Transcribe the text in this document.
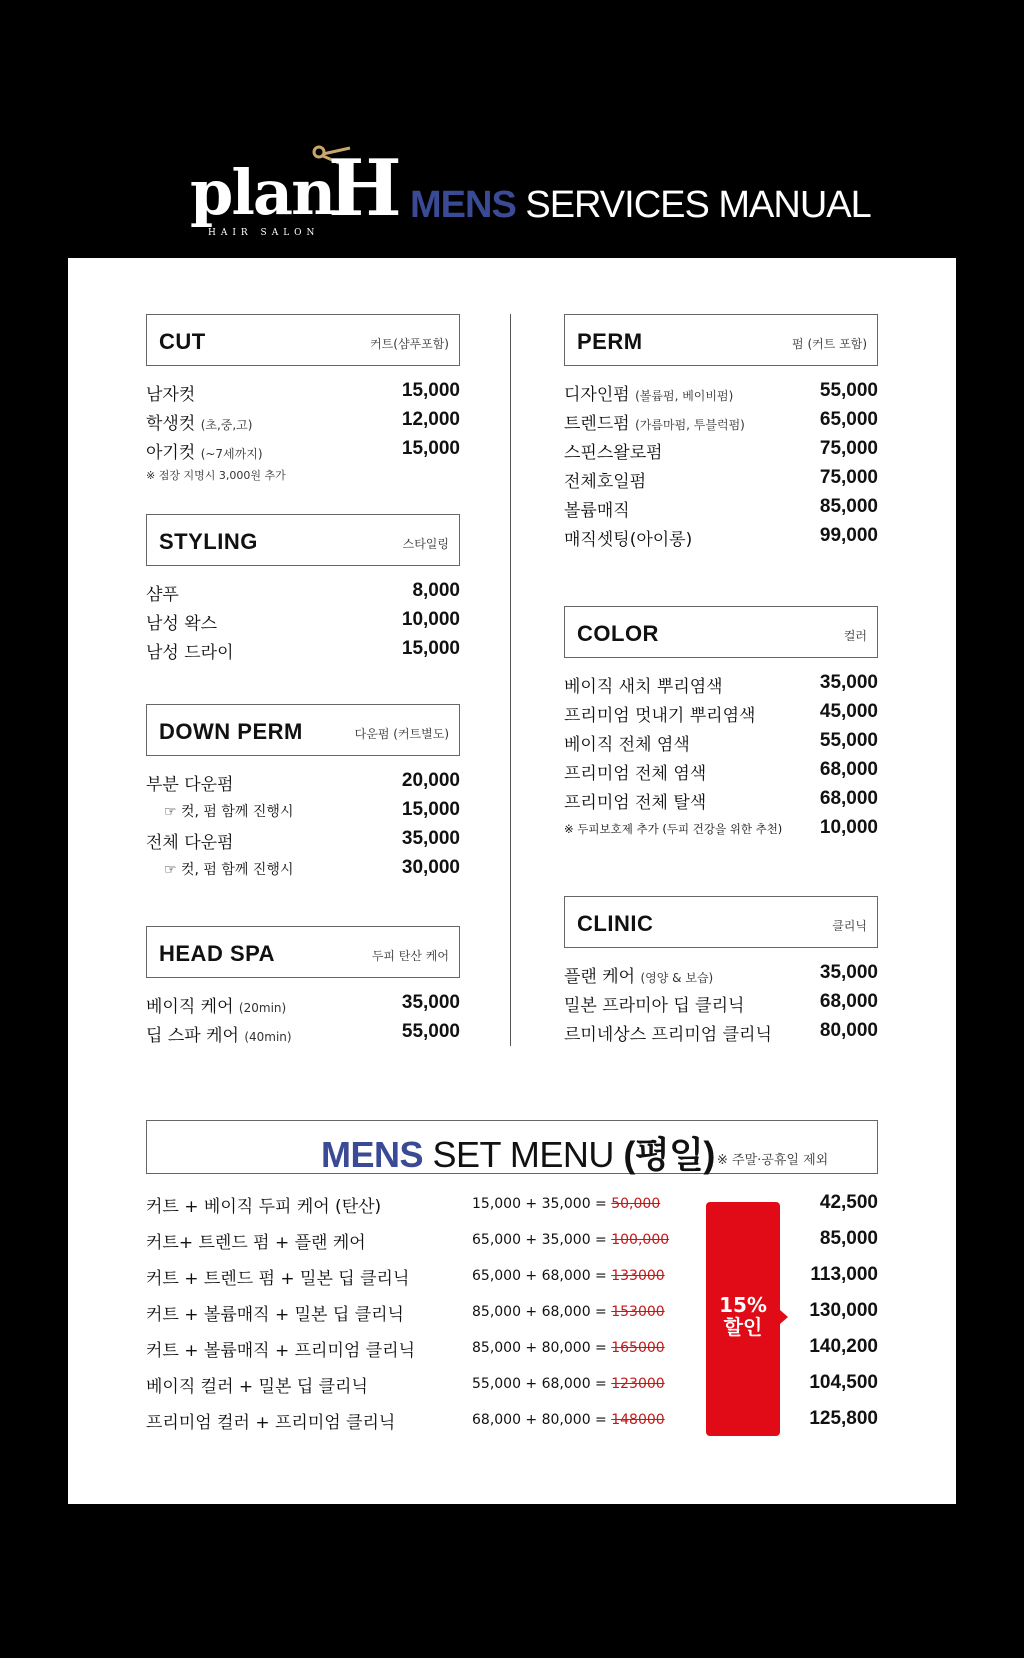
plan
H
HAIR SALON
MENS SERVICES MANUAL
CUT	커트(샴푸포함)
남자컷	15,000
학생컷 (초,중,고)	12,000
아기컷 (~7세까지)	15,000
※ 점장 지명시 3,000원 추가
STYLING	스타일링
샴푸	8,000
남성 왁스	10,000
남성 드라이	15,000
DOWN PERM	다운펌 (커트별도)
부분 다운펌	20,000
☞ 컷, 펌 함께 진행시	15,000
전체 다운펌	35,000
☞ 컷, 펌 함께 진행시	30,000
HEAD SPA	두피 탄산 케어
베이직 케어 (20min)	35,000
딥 스파 케어 (40min)	55,000
PERM	펌 (커트 포함)
디자인펌 (볼륨펌, 베이비펌)	55,000
트렌드펌 (가름마펌, 투블럭펌)	65,000
스핀스왈로펌	75,000
전체호일펌	75,000
볼륨매직	85,000
매직셋팅(아이롱)	99,000
COLOR	컬러
베이직 새치 뿌리염색	35,000
프리미엄 멋내기 뿌리염색	45,000
베이직 전체 염색	55,000
프리미엄 전체 염색	68,000
프리미엄 전체 탈색	68,000
※ 두피보호제 추가 (두피 건강을 위한 추천) 10,000
CLINIC	클리닉
플랜 케어 (영양 & 보습)	35,000
밀본 프라미아 딥 클리닉	68,000
르미네상스 프리미엄 클리닉	80,000
MENS SET MENU (평일) ※ 주말·공휴일 제외
커트 + 베이직 두피 케어 (탄산)	15,000 + 35,000 = 50,000	42,500
커트+ 트렌드 펌 + 플랜 케어	65,000 + 35,000 = 100,000	85,000
커트 + 트렌드 펌 + 밀본 딥 클리닉	65,000 + 68,000 = 133000	113,000
커트 + 볼륨매직 + 밀본 딥 클리닉	85,000 + 68,000 = 153000	130,000
커트 + 볼륨매직 + 프리미엄 클리닉	85,000 + 80,000 = 165000	140,200
베이직 컬러 + 밀본 딥 클리닉	55,000 + 68,000 = 123000	104,500
프리미엄 컬러 + 프리미엄 클리닉	68,000 + 80,000 = 148000	125,800
15%
할인
